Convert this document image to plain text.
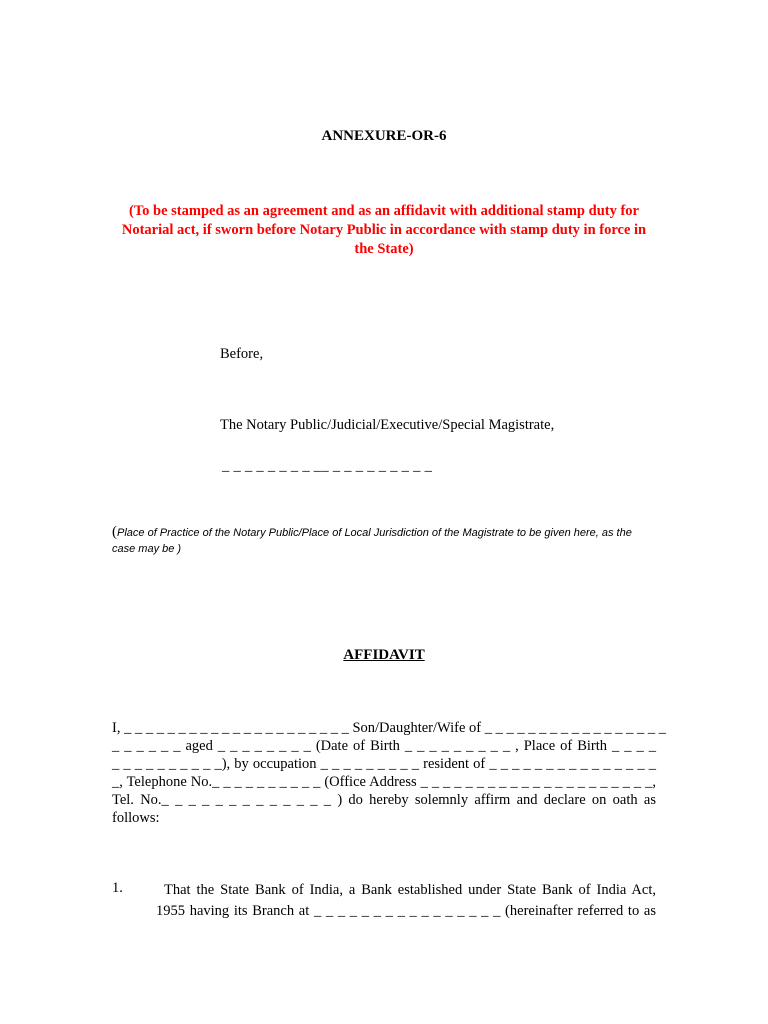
ANNEXURE-OR-6
(To be stamped as an agreement and as an affidavit with additional stamp duty for Notarial act, if sworn before Notary Public in accordance with stamp duty in force in the State)
Before,
The Notary Public/Judicial/Executive/Special Magistrate,
_ _ _ _ _ _ _ _ __ _ _ _ _ _ _ _ _ _
(Place of Practice of the Notary Public/Place of Local Jurisdiction of the Magistrate to be given here, as the case may be )
AFFIDAVIT
I, _ _ _ _ _ _ _ _ _ _ _ _ _ _ _ _ _ _ _ _ _ Son/Daughter/Wife of _ _ _ _ _ _ _ _ _ _ _ _ _ _ _ _ _
_ _ _ _ _ _ aged _ _ _ _ _ _ _ _ (Date of Birth _ _ _ _ _ _ _ _ _ , Place of Birth _ _ _ _
_ _ _ _ _ _ _ _ _ _), by occupation _ _ _ _ _ _ _ _ _ resident of _ _ _ _ _ _ _ _ _ _ _ _ _ _ _
_, Telephone No._ _ _ _ _ _ _ _ _ _ (Office Address _ _ _ _ _ _ _ _ _ _ _ _ _ _ _ _ _ _ _ _ _,
Tel. No._ _ _ _ _ _ _ _ _ _ _ _ _ ) do hereby solemnly affirm and declare on oath as
follows:
1.	That the State Bank of India, a Bank established under State Bank of India Act,
1955 having its Branch at _ _ _ _ _ _ _ _ _ _ _ _ _ _ _ _ (hereinafter referred to as
